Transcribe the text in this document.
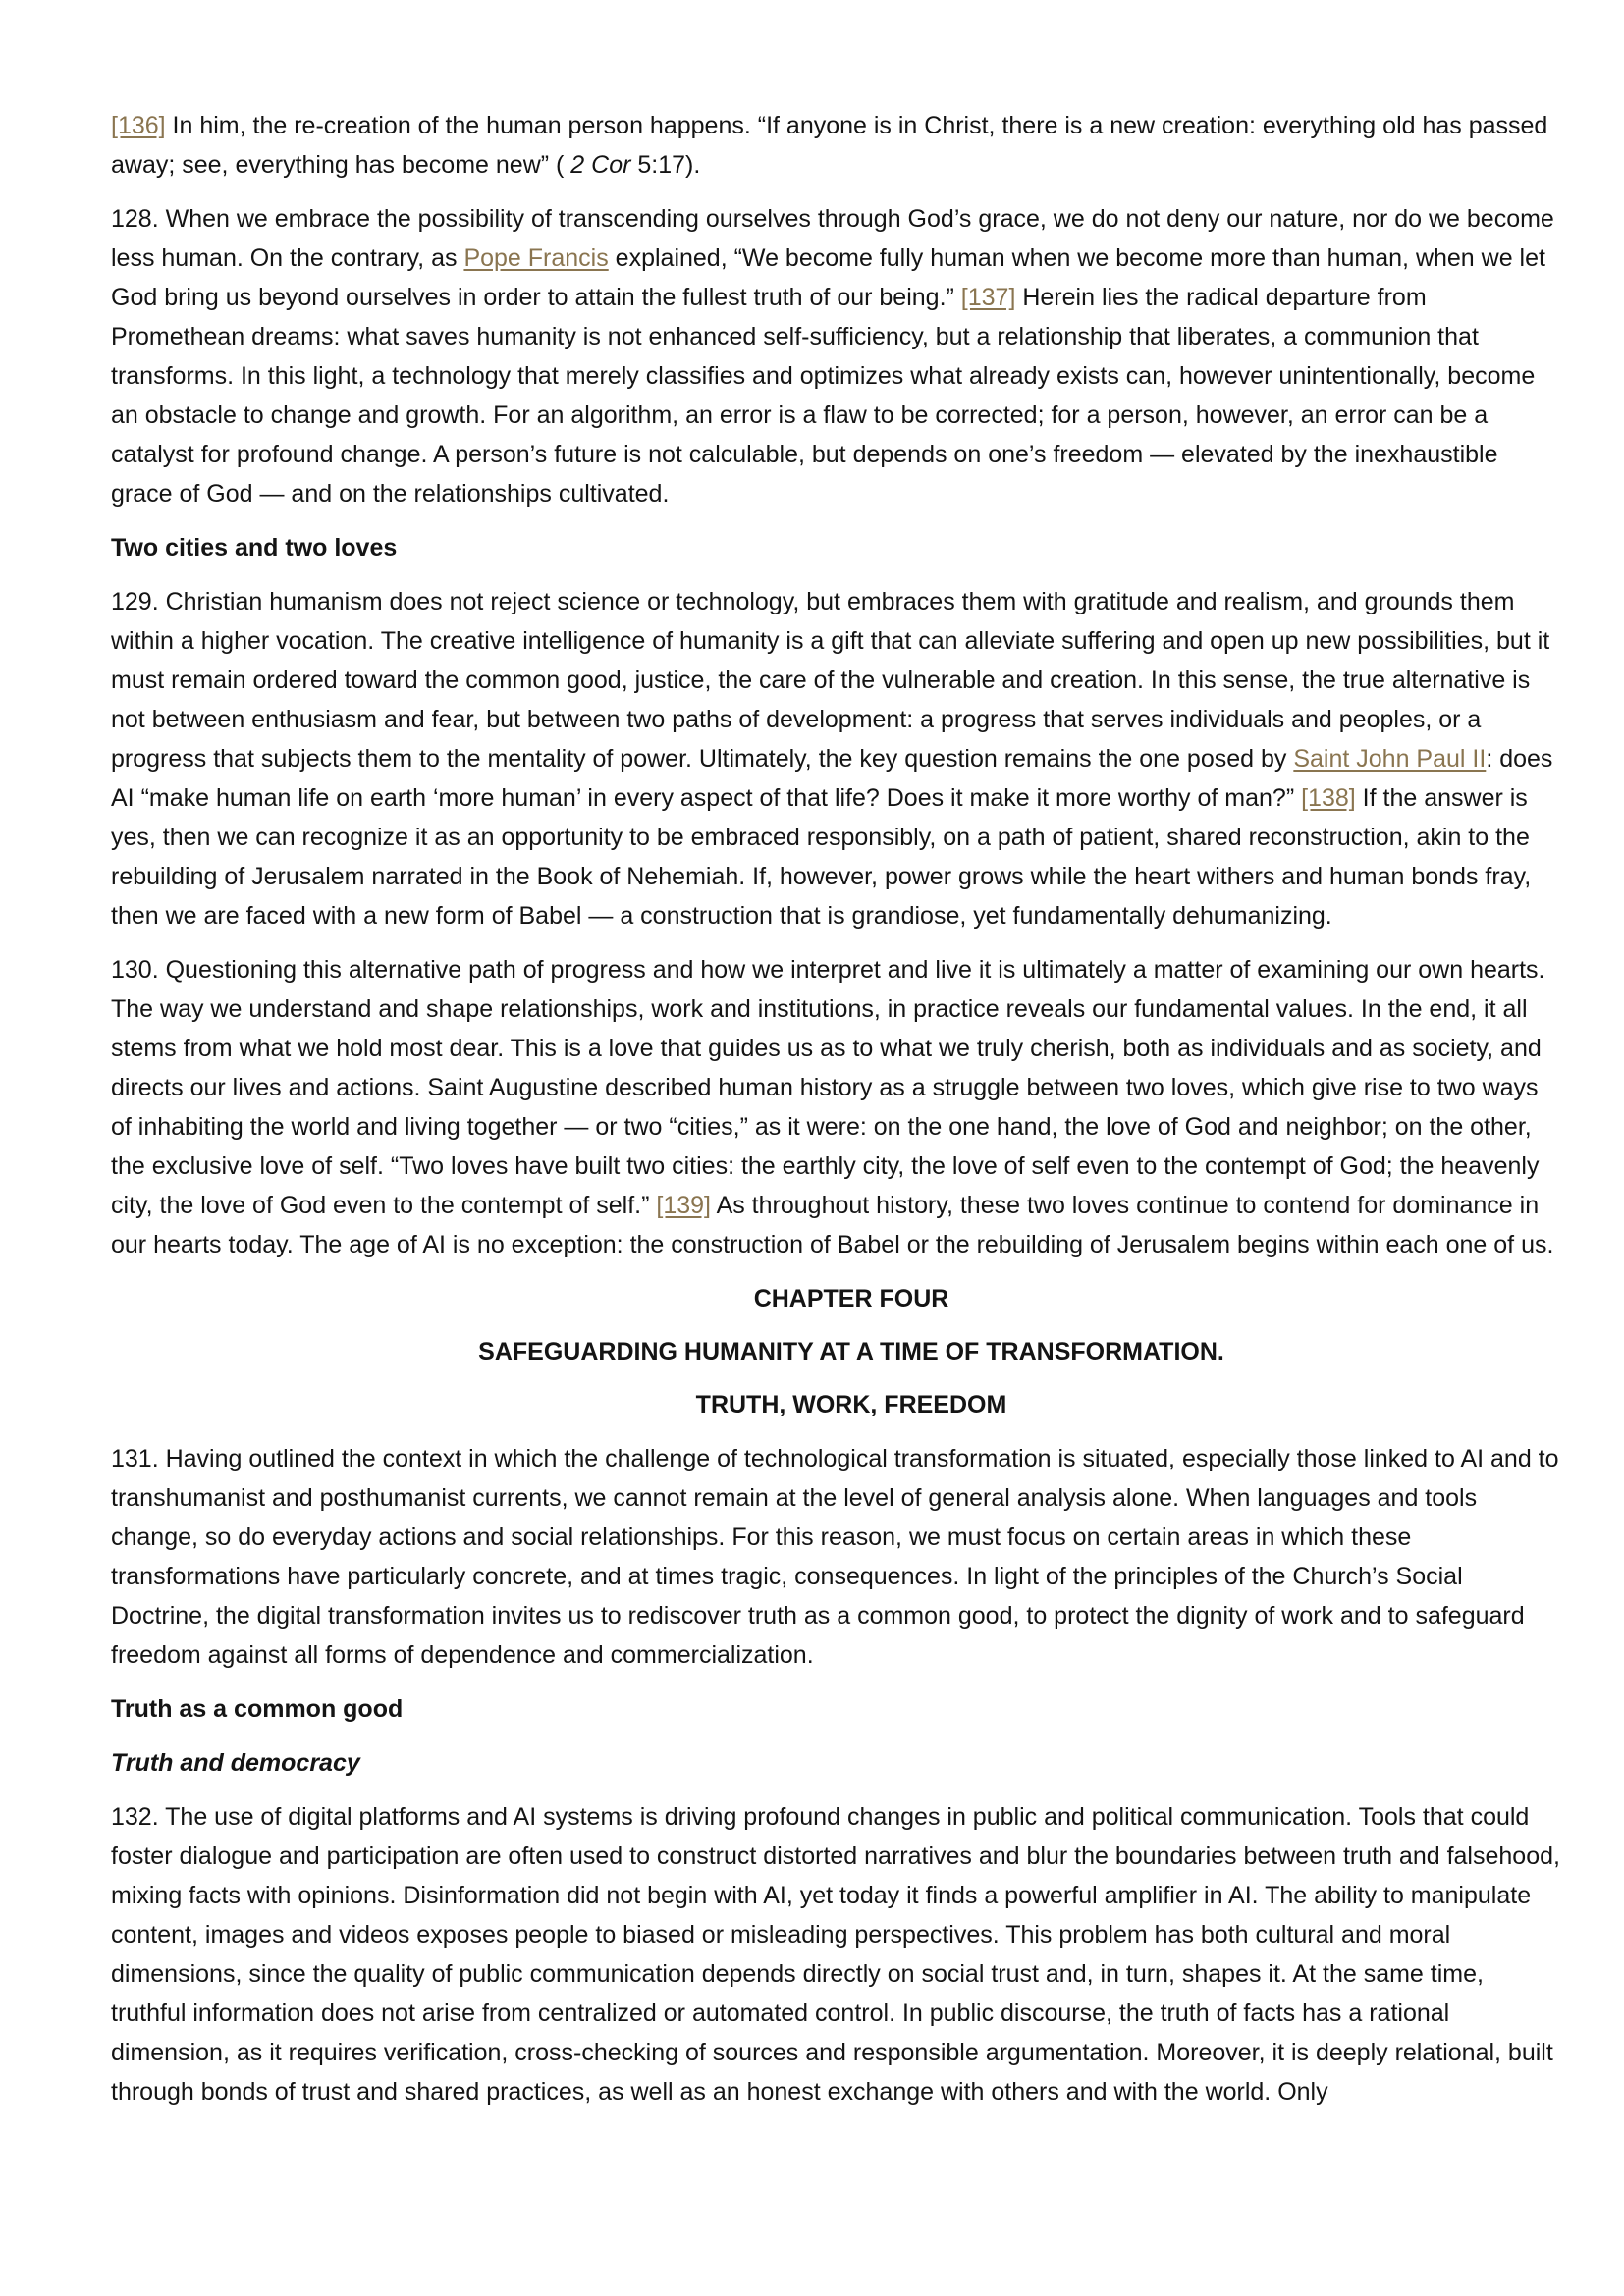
[136] In him, the re-creation of the human person happens. “If anyone is in Christ, there is a new creation: everything old has passed away; see, everything has become new” ( 2 Cor 5:17).

128. When we embrace the possibility of transcending ourselves through God’s grace, we do not deny our nature, nor do we become less human. On the contrary, as Pope Francis explained, “We become fully human when we become more than human, when we let God bring us beyond ourselves in order to attain the fullest truth of our being.” [137] Herein lies the radical departure from Promethean dreams: what saves humanity is not enhanced self-sufficiency, but a relationship that liberates, a communion that transforms. In this light, a technology that merely classifies and optimizes what already exists can, however unintentionally, become an obstacle to change and growth. For an algorithm, an error is a flaw to be corrected; for a person, however, an error can be a catalyst for profound change. A person’s future is not calculable, but depends on one’s freedom — elevated by the inexhaustible grace of God — and on the relationships cultivated.

Two cities and two loves

129. Christian humanism does not reject science or technology, but embraces them with gratitude and realism, and grounds them within a higher vocation. The creative intelligence of humanity is a gift that can alleviate suffering and open up new possibilities, but it must remain ordered toward the common good, justice, the care of the vulnerable and creation. In this sense, the true alternative is not between enthusiasm and fear, but between two paths of development: a progress that serves individuals and peoples, or a progress that subjects them to the mentality of power. Ultimately, the key question remains the one posed by Saint John Paul II: does AI “make human life on earth ‘more human’ in every aspect of that life? Does it make it more worthy of man?” [138] If the answer is yes, then we can recognize it as an opportunity to be embraced responsibly, on a path of patient, shared reconstruction, akin to the rebuilding of Jerusalem narrated in the Book of Nehemiah. If, however, power grows while the heart withers and human bonds fray, then we are faced with a new form of Babel — a construction that is grandiose, yet fundamentally dehumanizing.

130. Questioning this alternative path of progress and how we interpret and live it is ultimately a matter of examining our own hearts. The way we understand and shape relationships, work and institutions, in practice reveals our fundamental values. In the end, it all stems from what we hold most dear. This is a love that guides us as to what we truly cherish, both as individuals and as society, and directs our lives and actions. Saint Augustine described human history as a struggle between two loves, which give rise to two ways of inhabiting the world and living together — or two “cities,” as it were: on the one hand, the love of God and neighbor; on the other, the exclusive love of self. “Two loves have built two cities: the earthly city, the love of self even to the contempt of God; the heavenly city, the love of God even to the contempt of self.” [139] As throughout history, these two loves continue to contend for dominance in our hearts today. The age of AI is no exception: the construction of Babel or the rebuilding of Jerusalem begins within each one of us.

CHAPTER FOUR
SAFEGUARDING HUMANITY AT A TIME OF TRANSFORMATION.
TRUTH, WORK, FREEDOM

131. Having outlined the context in which the challenge of technological transformation is situated, especially those linked to AI and to transhumanist and posthumanist currents, we cannot remain at the level of general analysis alone. When languages and tools change, so do everyday actions and social relationships. For this reason, we must focus on certain areas in which these transformations have particularly concrete, and at times tragic, consequences. In light of the principles of the Church’s Social Doctrine, the digital transformation invites us to rediscover truth as a common good, to protect the dignity of work and to safeguard freedom against all forms of dependence and commercialization.

Truth as a common good
Truth and democracy

132. The use of digital platforms and AI systems is driving profound changes in public and political communication. Tools that could foster dialogue and participation are often used to construct distorted narratives and blur the boundaries between truth and falsehood, mixing facts with opinions. Disinformation did not begin with AI, yet today it finds a powerful amplifier in AI. The ability to manipulate content, images and videos exposes people to biased or misleading perspectives. This problem has both cultural and moral dimensions, since the quality of public communication depends directly on social trust and, in turn, shapes it. At the same time, truthful information does not arise from centralized or automated control. In public discourse, the truth of facts has a rational dimension, as it requires verification, cross-checking of sources and responsible argumentation. Moreover, it is deeply relational, built through bonds of trust and shared practices, as well as an honest exchange with others and with the world. Only
